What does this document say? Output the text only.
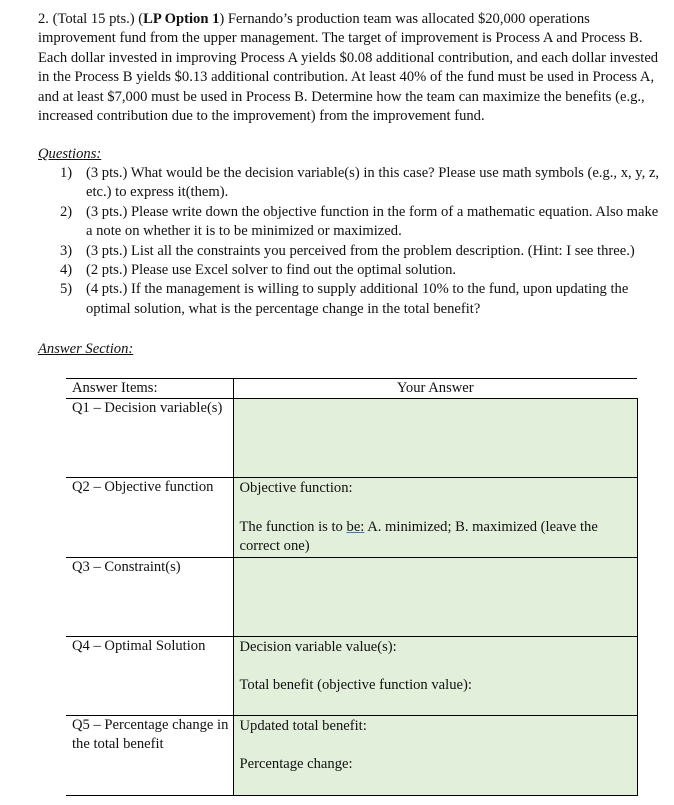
2. (Total 15 pts.) (LP Option 1) Fernando’s production team was allocated $20,000 operations improvement fund from the upper management. The target of improvement is Process A and Process B. Each dollar invested in improving Process A yields $0.08 additional contribution, and each dollar invested in the Process B yields $0.13 additional contribution. At least 40% of the fund must be used in Process A, and at least $7,000 must be used in Process B. Determine how the team can maximize the benefits (e.g., increased contribution due to the improvement) from the improvement fund.
Questions:
1) (3 pts.) What would be the decision variable(s) in this case? Please use math symbols (e.g., x, y, z, etc.) to express it(them).
2) (3 pts.) Please write down the objective function in the form of a mathematic equation. Also make a note on whether it is to be minimized or maximized.
3) (3 pts.) List all the constraints you perceived from the problem description. (Hint: I see three.)
4) (2 pts.) Please use Excel solver to find out the optimal solution.
5) (4 pts.) If the management is willing to supply additional 10% to the fund, upon updating the optimal solution, what is the percentage change in the total benefit?
Answer Section:
Answer Items:	Your Answer
Q1 – Decision variable(s)	
Q2 – Objective function	Objective function:
The function is to be: A. minimized; B. maximized (leave the correct one)

Q3 – Constraint(s)	
Q4 – Optimal Solution	Decision variable value(s):
Total benefit (objective function value):

Q5 – Percentage change in the total benefit	Updated total benefit:
Percentage change:
